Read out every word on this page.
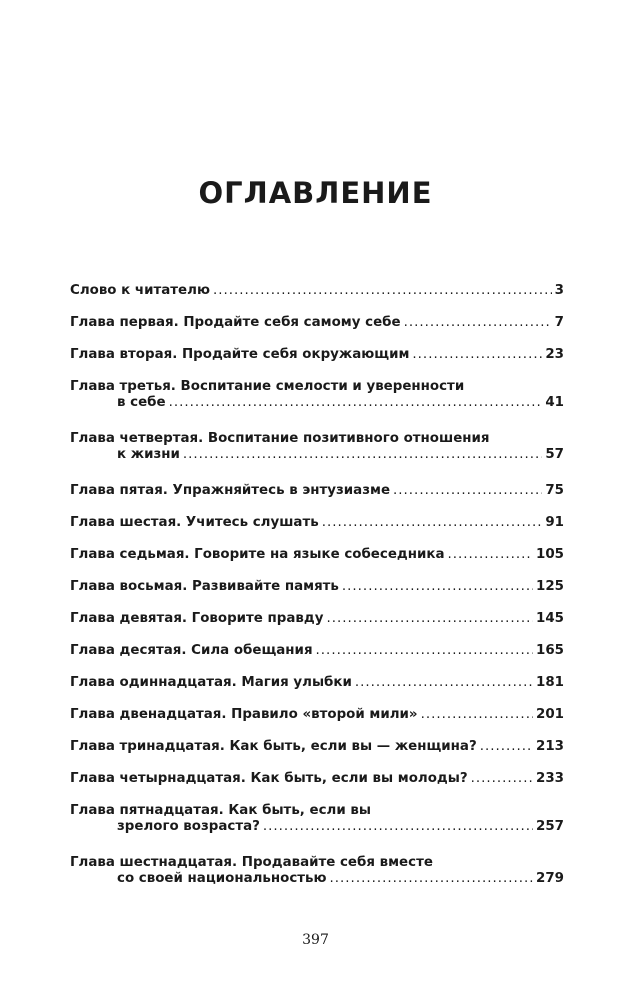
ОГЛАВЛЕНИЕ
Слово к читателю .....	3
Глава первая. Продайте себя самому себе .....	7
Глава вторая. Продайте себя окружающим .....	23
Глава третья. Воспитание смелости и уверенности
в себе .....	41
Глава четвертая. Воспитание позитивного отношения
к жизни .....	57
Глава пятая. Упражняйтесь в энтузиазме .....	75
Глава шестая. Учитесь слушать .....	91
Глава седьмая. Говорите на языке собеседника .....	105
Глава восьмая. Развивайте память .....	125
Глава девятая. Говорите правду .....	145
Глава десятая. Сила обещания .....	165
Глава одиннадцатая. Магия улыбки .....	181
Глава двенадцатая. Правило «второй мили» .....	201
Глава тринадцатая. Как быть, если вы — женщина? .....	213
Глава четырнадцатая. Как быть, если вы молоды? .....	233
Глава пятнадцатая. Как быть, если вы
зрелого возраста? .....	257
Глава шестнадцатая. Продавайте себя вместе
со своей национальностью .....	279
397
